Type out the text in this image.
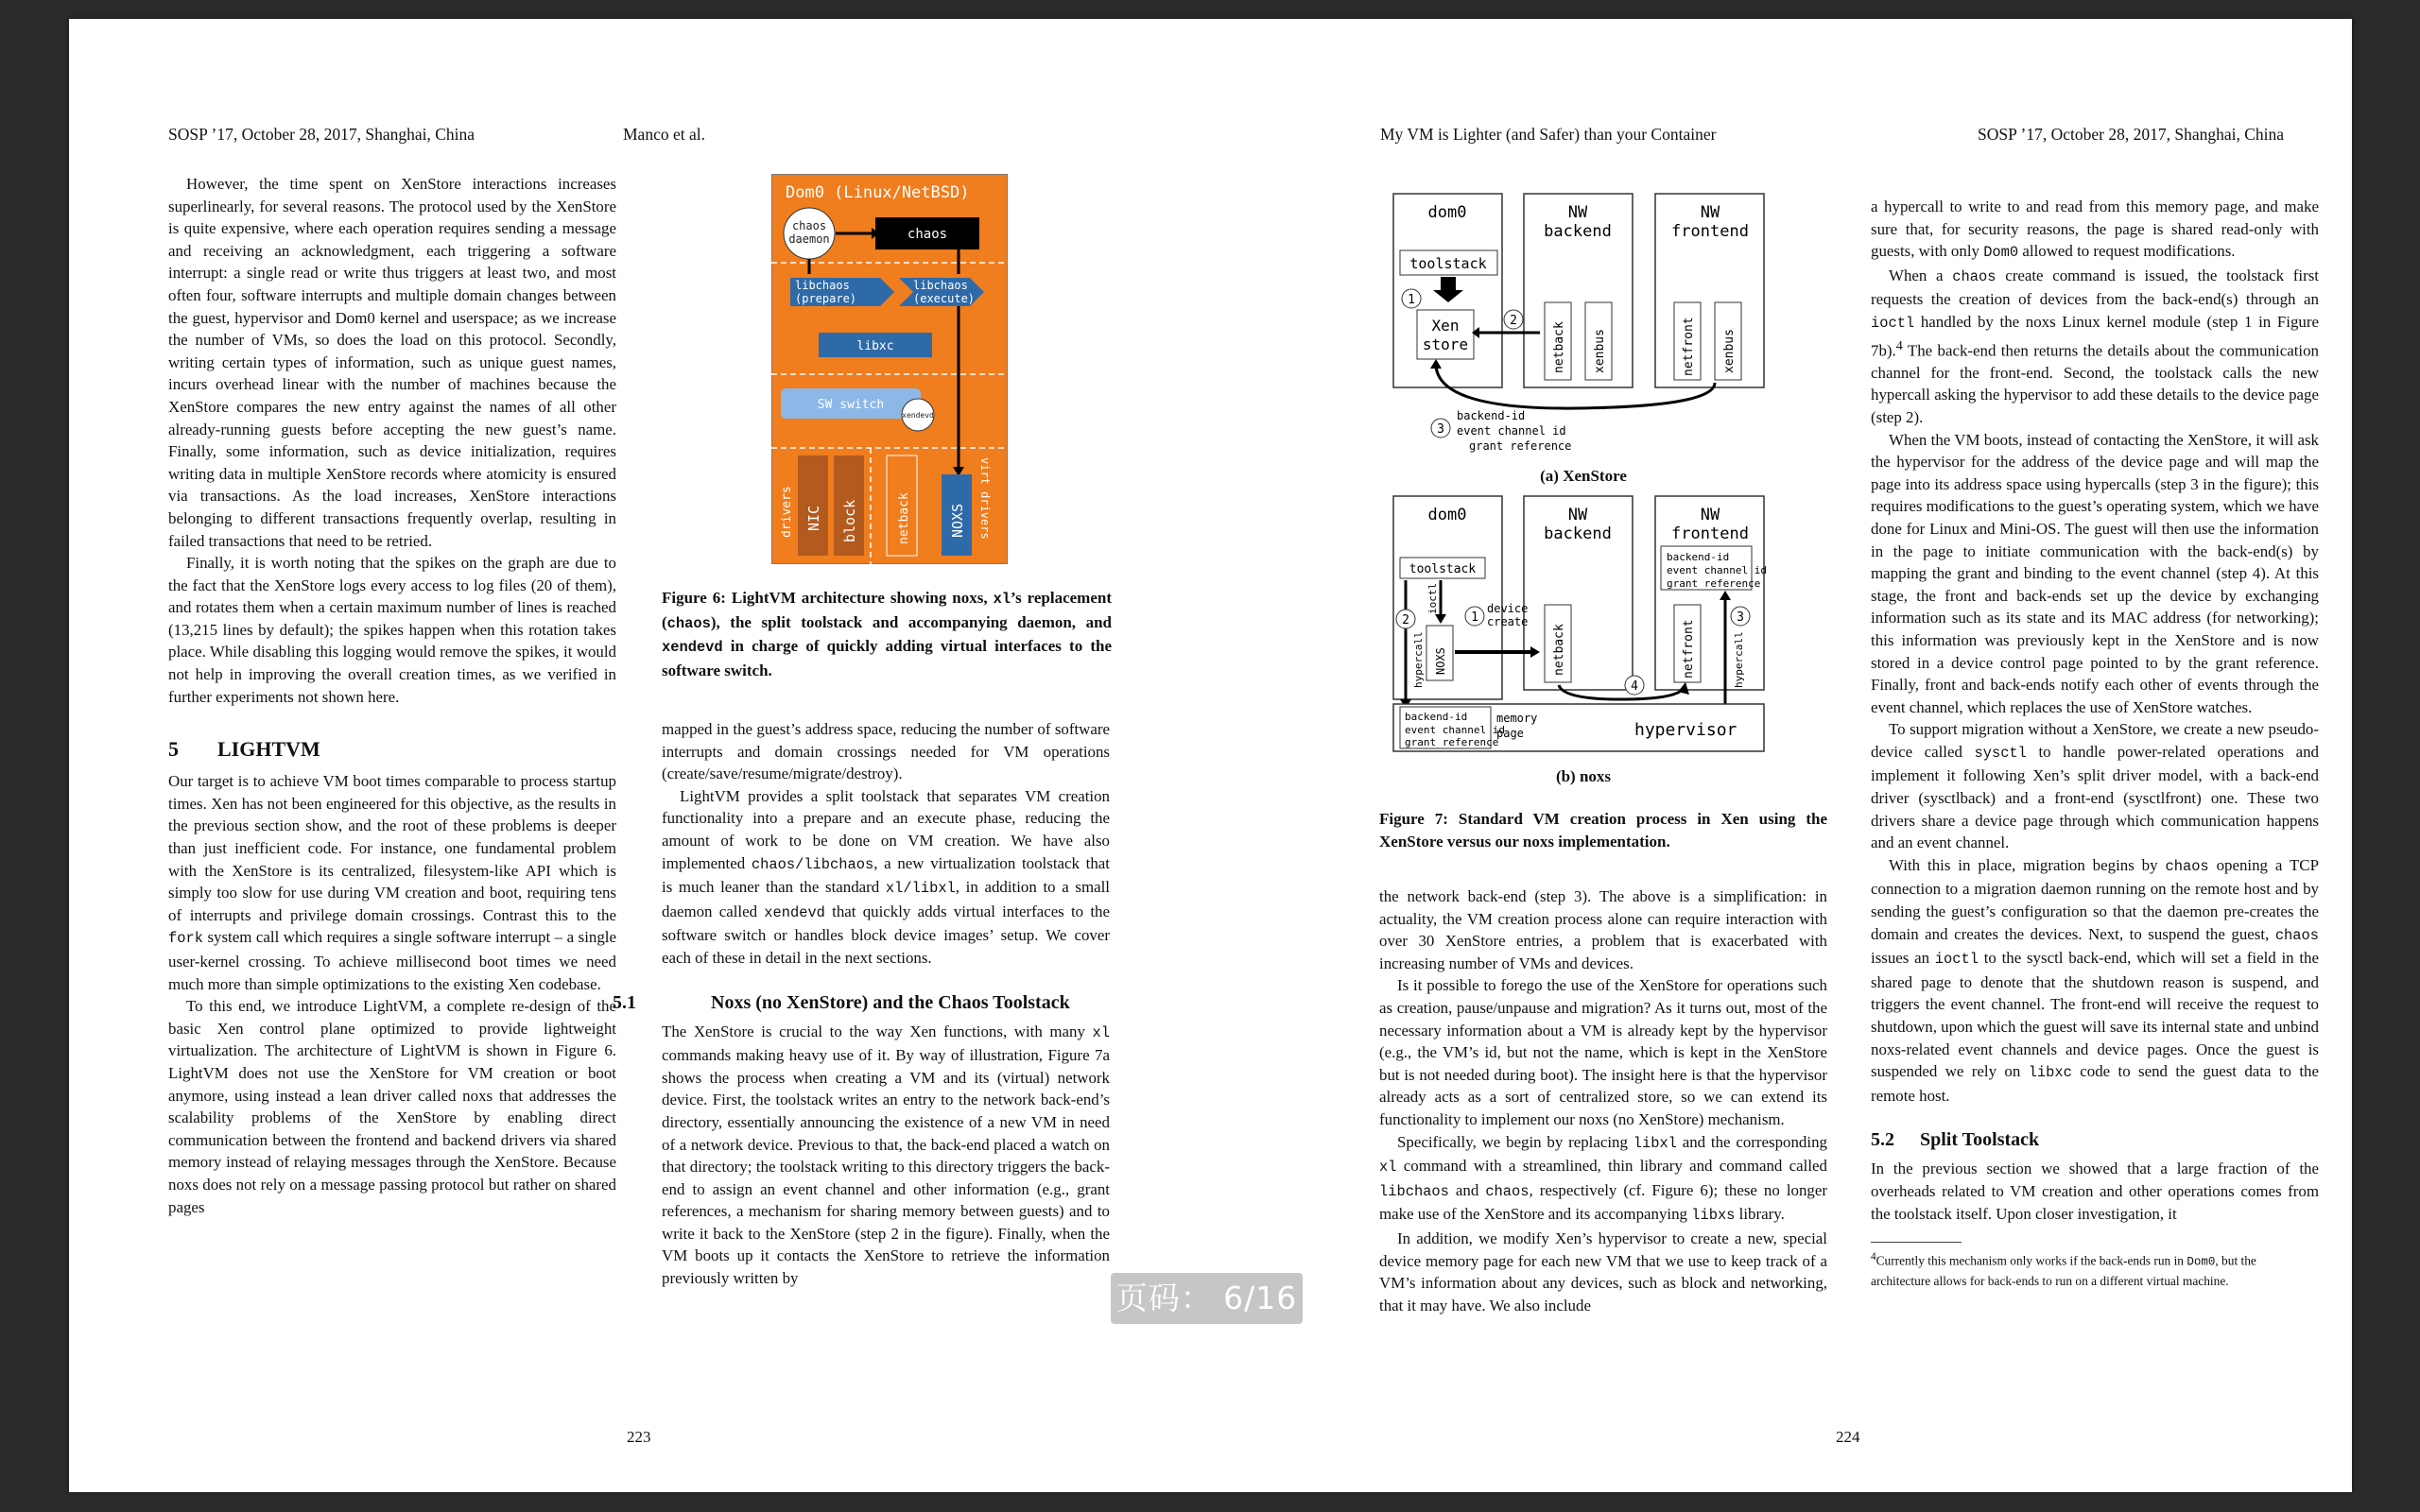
SOSP ’17, October 28, 2017, Shanghai, China	Manco et al.

However, the time spent on XenStore interactions increases superlinearly, for several reasons. The protocol used by the XenStore is quite expensive, where each operation requires sending a message and receiving an acknowledgment, each triggering a software interrupt: a single read or write thus triggers at least two, and most often four, software interrupts and multiple domain changes between the guest, hypervisor and Dom0 kernel and userspace; as we increase the number of VMs, so does the load on this protocol. Secondly, writing certain types of information, such as unique guest names, incurs overhead linear with the number of machines because the XenStore compares the new entry against the names of all other already-running guests before accepting the new guest’s name. Finally, some information, such as device initialization, requires writing data in multiple XenStore records where atomicity is ensured via transactions. As the load increases, XenStore interactions belonging to different transactions frequently overlap, resulting in failed transactions that need to be retried.

Finally, it is worth noting that the spikes on the graph are due to the fact that the XenStore logs every access to log files (20 of them), and rotates them when a certain maximum number of lines is reached (13,215 lines by default); the spikes happen when this rotation takes place. While disabling this logging would remove the spikes, it would not help in improving the overall creation times, as we verified in further experiments not shown here.

5 LIGHTVM

Our target is to achieve VM boot times comparable to process startup times. Xen has not been engineered for this objective, as the results in the previous section show, and the root of these problems is deeper than just inefficient code. For instance, one fundamental problem with the XenStore is its centralized, filesystem-like API which is simply too slow for use during VM creation and boot, requiring tens of interrupts and privilege domain crossings. Contrast this to the fork system call which requires a single software interrupt – a single user-kernel crossing. To achieve millisecond boot times we need much more than simple optimizations to the existing Xen codebase.

To this end, we introduce LightVM, a complete re-design of the basic Xen control plane optimized to provide lightweight virtualization. The architecture of LightVM is shown in Figure 6. LightVM does not use the XenStore for VM creation or boot anymore, using instead a lean driver called noxs that addresses the scalability problems of the XenStore by enabling direct communication between the frontend and backend drivers via shared memory instead of relaying messages through the XenStore. Because noxs does not rely on a message passing protocol but rather on shared pages

Dom0 (Linux/NetBSD)
chaos
daemon	chaos
libchaos
(prepare)
libchaos
(execute)
libxc
SW switch
xendevd
drivers NIC block	netback	NOXS virt drivers
Figure 6: LightVM architecture showing noxs, xl’s replacement (chaos), the split toolstack and accompanying daemon, and xendevd in charge of quickly adding virtual interfaces to the software switch.

mapped in the guest’s address space, reducing the number of software interrupts and domain crossings needed for VM operations (create/save/resume/migrate/destroy).

LightVM provides a split toolstack that separates VM creation functionality into a prepare and an execute phase, reducing the amount of work to be done on VM creation. We have also implemented chaos/libchaos, a new virtualization toolstack that is much leaner than the standard xl/libxl, in addition to a small daemon called xendevd that quickly adds virtual interfaces to the software switch or handles block device images’ setup. We cover each of these in detail in the next sections.

5.1	Noxs (no XenStore) and the Chaos Toolstack

The XenStore is crucial to the way Xen functions, with many xl commands making heavy use of it. By way of illustration, Figure 7a shows the process when creating a VM and its (virtual) network device. First, the toolstack writes an entry to the network back-end’s directory, essentially announcing the existence of a new VM in need of a network device. Previous to that, the back-end placed a watch on that directory; the toolstack writing to this directory triggers the back-end to assign an event channel and other information (e.g., grant references, a mechanism for sharing memory between guests) and to write it back to the XenStore (step 2 in the figure). Finally, when the VM boots up it contacts the XenStore to retrieve the information previously written by

223
My VM is Lighter (and Safer) than your Container	SOSP ’17, October 28, 2017, Shanghai, China
dom0	NW
backend
NW
frontend
toolstack
Xen
store
1
netback xenbus
2	netfront xenbus
3
backend-id
event channel id
grant reference
dom0	NW
backend
NW
frontend
toolstack
ioctl
NOXS
hypercall
2	1
device
create
netback
backend-id
event channel id
grant reference
netfront	hypercall
3
4
backend-id
event channel id
grant reference
memory
page	hypervisor
(a) XenStore
(b) noxs
Figure 7: Standard VM creation process in Xen using the XenStore versus our noxs implementation.

the network back-end (step 3). The above is a simplification: in actuality, the VM creation process alone can require interaction with over 30 XenStore entries, a problem that is exacerbated with increasing number of VMs and devices.

Is it possible to forego the use of the XenStore for operations such as creation, pause/unpause and migration? As it turns out, most of the necessary information about a VM is already kept by the hypervisor (e.g., the VM’s id, but not the name, which is kept in the XenStore but is not needed during boot). The insight here is that the hypervisor already acts as a sort of centralized store, so we can extend its functionality to implement our noxs (no XenStore) mechanism.

Specifically, we begin by replacing libxl and the corresponding xl command with a streamlined, thin library and command called libchaos and chaos, respectively (cf. Figure 6); these no longer make use of the XenStore and its accompanying libxs library.

In addition, we modify Xen’s hypervisor to create a new, special device memory page for each new VM that we use to keep track of a VM’s information about any devices, such as block and networking, that it may have. We also include

a hypercall to write to and read from this memory page, and make sure that, for security reasons, the page is shared read-only with guests, with only Dom0 allowed to request modifications.

When a chaos create command is issued, the toolstack first requests the creation of devices from the back-end(s) through an ioctl handled by the noxs Linux kernel module (step 1 in Figure 7b).$^4$ The back-end then returns the details about the communication channel for the front-end. Second, the toolstack calls the new hypercall asking the hypervisor to add these details to the device page (step 2).

When the VM boots, instead of contacting the XenStore, it will ask the hypervisor for the address of the device page and will map the page into its address space using hypercalls (step 3 in the figure); this requires modifications to the guest’s operating system, which we have done for Linux and Mini-OS. The guest will then use the information in the page to initiate communication with the back-end(s) by mapping the grant and binding to the event channel (step 4). At this stage, the front and back-ends set up the device by exchanging information such as its state and its MAC address (for networking); this information was previously kept in the XenStore and is now stored in a device control page pointed to by the grant reference. Finally, front and back-ends notify each other of events through the event channel, which replaces the use of XenStore watches.

To support migration without a XenStore, we create a new pseudo-device called sysctl to handle power-related operations and implement it following Xen’s split driver model, with a back-end driver (sysctlback) and a front-end (sysctlfront) one. These two drivers share a device page through which communication happens and an event channel.

With this in place, migration begins by chaos opening a TCP connection to a migration daemon running on the remote host and by sending the guest’s configuration so that the daemon pre-creates the domain and creates the devices. Next, to suspend the guest, chaos issues an ioctl to the sysctl back-end, which will set a field in the shared page to denote that the shutdown reason is suspend, and triggers the event channel. The front-end will receive the request to shutdown, upon which the guest will save its internal state and unbind noxs-related event channels and device pages. Once the guest is suspended we rely on libxc code to send the guest data to the remote host.

5.2 Split Toolstack

In the previous section we showed that a large fraction of the overheads related to VM creation and other operations comes from the toolstack itself. Upon closer investigation, it

$^4$Currently this mechanism only works if the back-ends run in Dom0, but the architecture allows for back-ends to run on a different virtual machine.
224
页码： 6/16
